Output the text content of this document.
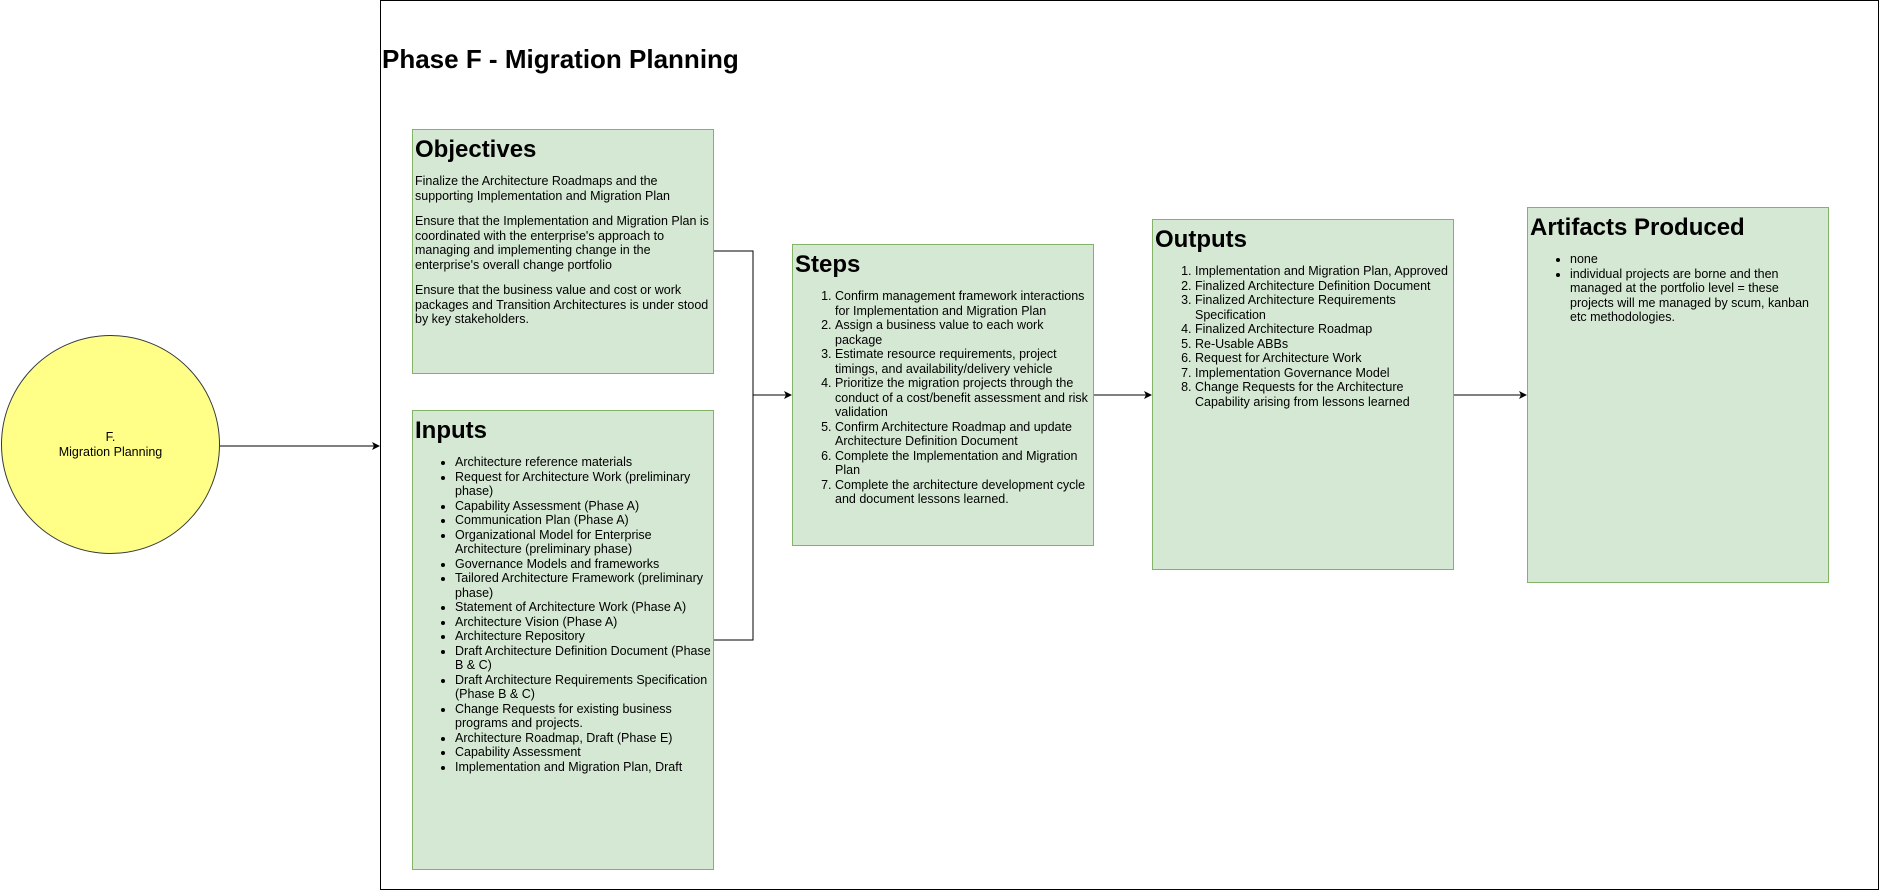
Phase F - Migration Planning
F.
Migration Planning
Objectives

Finalize the Architecture Roadmaps and the supporting Implementation and Migration Plan

Ensure that the Implementation and Migration Plan is coordinated with the enterprise's approach to managing and implementing change in the enterprise's overall change portfolio

Ensure that the business value and cost or work packages and Transition Architectures is under stood by key stakeholders.

Inputs
• Architecture reference materials
• Request for Architecture Work (preliminary phase)
• Capability Assessment (Phase A)
• Communication Plan (Phase A)
• Organizational Model for Enterprise Architecture (preliminary phase)
• Governance Models and frameworks
• Tailored Architecture Framework (preliminary phase)
• Statement of Architecture Work (Phase A)
• Architecture Vision (Phase A)
• Architecture Repository
• Draft Architecture Definition Document (Phase B & C)
• Draft Architecture Requirements Specification (Phase B & C)
• Change Requests for existing business programs and projects.
• Architecture Roadmap, Draft (Phase E)
• Capability Assessment
• Implementation and Migration Plan, Draft
Steps
1. Confirm management framework interactions for Implementation and Migration Plan
2. Assign a business value to each work package
3. Estimate resource requirements, project timings, and availability/delivery vehicle
4. Prioritize the migration projects through the conduct of a cost/benefit assessment and risk validation
5. Confirm Architecture Roadmap and update Architecture Definition Document
6. Complete the Implementation and Migration Plan
7. Complete the architecture development cycle and document lessons learned.
Outputs
1. Implementation and Migration Plan, Approved
2. Finalized Architecture Definition Document
3. Finalized Architecture Requirements Specification
4. Finalized Architecture Roadmap
5. Re-Usable ABBs
6. Request for Architecture Work
7. Implementation Governance Model
8. Change Requests for the Architecture Capability arising from lessons learned
Artifacts Produced
• none
• individual projects are borne and then managed at the portfolio level = these projects will me managed by scum, kanban etc methodologies.
